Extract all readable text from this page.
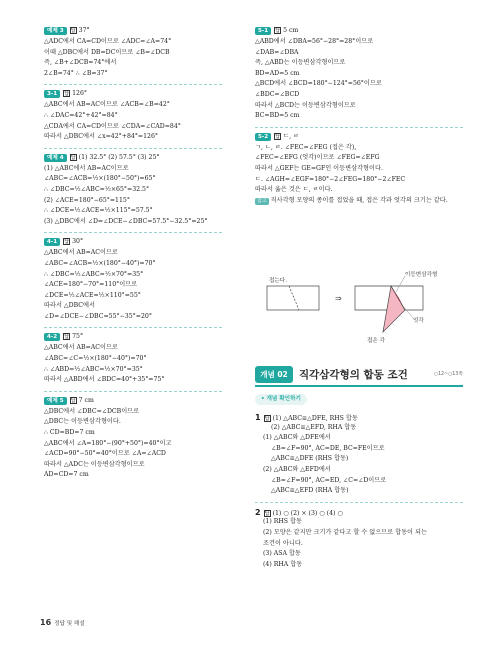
예제 3 답 37°
△ADC에서 CA=CD이므로 ∠ADC=∠A=74°
이때 △DBC에서 DB=DC이므로 ∠B=∠DCB
즉, ∠B+∠DCB=74°에서
2∠B=74° ∴ ∠B=37°
3-1 답 126°
△ABC에서 AB=AC이므로 ∠ACB=∠B=42°
∴ ∠DAC=42°+42°=84°
△CDA에서 CA=CD이므로 ∠CDA=∠CAD=84°
따라서 △DBC에서 ∠x=42°+84°=126°
예제 4 답 (1) 32.5° (2) 57.5° (3) 25°
(1) △ABC에서 AB=AC이므로
∠ABC=∠ACB=½×(180°−50°)=65°
∴ ∠DBC=½∠ABC=½×65°=32.5°
(2) ∠ACE=180°−65°=115°
∴ ∠DCE=½∠ACE=½×115°=57.5°
(3) △DBC에서 ∠D=∠DCE−∠DBC=57.5°−32.5°=25°
4-1 답 30°
△ABC에서 AB=AC이므로
∠ABC=∠ACB=½×(180°−40°)=70°
∴ ∠DBC=½∠ABC=½×70°=35°
∠ACE=180°−70°=110°이므로
∠DCE=½∠ACE=½×110°=55°
따라서 △DBC에서
∠D=∠DCE−∠DBC=55°−35°=20°
4-2 답 75°
△ABC에서 AB=AC이므로
∠ABC=∠C=½×(180°−40°)=70°
∴ ∠ABD=½∠ABC=½×70°=35°
따라서 △ABD에서 ∠BDC=40°+35°=75°
예제 5 답 7 cm
△DBC에서 ∠DBC=∠DCB이므로
△DBC는 이등변삼각형이다.
∴ CD=BD=7 cm
△ABC에서 ∠A=180°−(90°+50°)=40°이고
∠ACD=90°−50°=40°이므로 ∠A=∠ACD
따라서 △ADC는 이등변삼각형이므로
AD=CD=7 cm
5-1 답 5 cm
△ABD에서 ∠DBA=56°−28°=28°이므로
∠DAB=∠DBA
즉, △ABD는 이등변삼각형이므로
BD=AD=5 cm
△BCD에서 ∠BCD=180°−124°=56°이므로
∠BDC=∠BCD
따라서 △BCD는 이등변삼각형이므로
BC=BD=5 cm
5-2 답 ㄷ, ㄹ
ㄱ, ㄴ, ㄹ. ∠FEC=∠FEG (접은 각),
∠FEC=∠EFG (엇각)이므로 ∠FEG=∠EFG
따라서 △GEF는 GE=GF인 이등변삼각형이다.
ㄷ. ∠AGH=∠EGF=180°−2∠FEG=180°−2∠FEC
따라서 옳은 것은 ㄷ, ㄹ이다.
참고 직사각형 모양의 종이를 접었을 때, 접은 각과 엇각의 크기는 같다.
접는다.
⇒
이등변삼각형
엇각
접은 각
개념 02	직각삼각형의 합동 조건	○12~○13쪽
• 개념 확인하기
1 답 (1) △ABC≡△DFE, RHS 합동
(2) △ABC≡△EFD, RHA 합동
(1) △ABC와 △DFE에서
∠B=∠F=90°, AC=DE, BC=FE이므로
△ABC≡△DFE (RHS 합동)
(2) △ABC와 △EFD에서
∠B=∠F=90°, AC=ED, ∠C=∠D이므로
△ABC≡△EFD (RHA 합동)
2 답 (1) ○ (2) × (3) ○ (4) ○
(1) RHS 합동
(2) 모양은 같지만 크기가 같다고 할 수 없으므로 합동이 되는
조건이 아니다.
(3) ASA 합동
(4) RHA 합동
16 정답 및 해설
